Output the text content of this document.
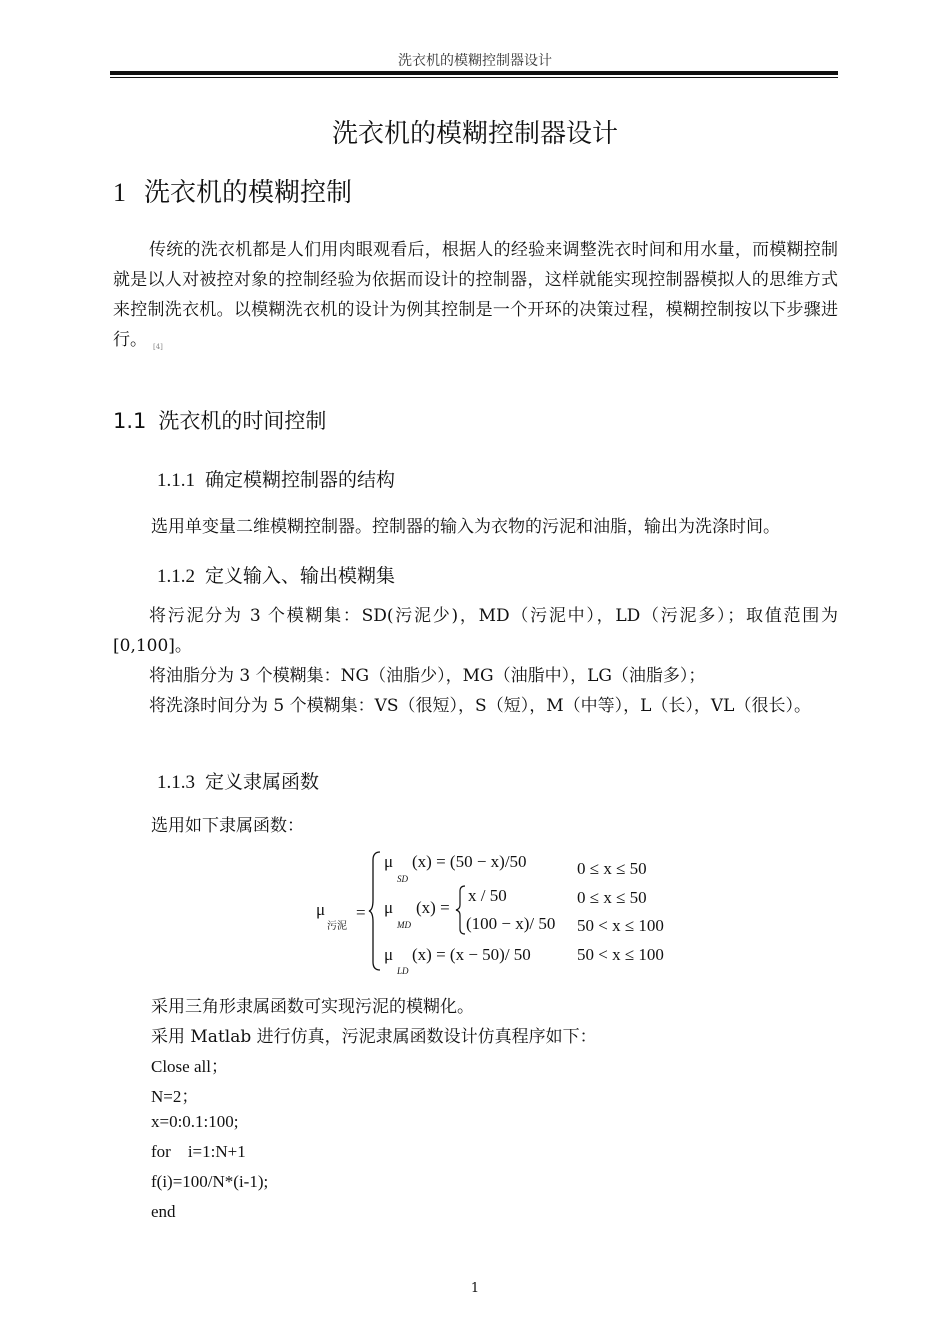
洗衣机的模糊控制器设计
洗衣机的模糊控制器设计
1 洗衣机的模糊控制

传统的洗衣机都是人们用肉眼观看后，根据人的经验来调整洗衣时间和用水量，而模糊控制就是以人对被控对象的控制经验为依据而设计的控制器，这样就能实现控制器模拟人的思维方式来控制洗衣机。以模糊洗衣机的设计为例其控制是一个开环的决策过程，模糊控制按以下步骤进行。 $_{[4]}$

1.1 洗衣机的时间控制
1.1.1 确定模糊控制器的结构
选用单变量二维模糊控制器。控制器的输入为衣物的污泥和油脂，输出为洗涤时间。
1.1.2 定义输入、输出模糊集

将污泥分为 3 个模糊集：SD(污泥少)，MD（污泥中），LD（污泥多）；取值范围为 [0,100]。

将油脂分为 3 个模糊集：NG（油脂少），MG（油脂中），LG（油脂多）；

将洗涤时间分为 5 个模糊集：VS（很短），S（短），M（中等），L（长），VL（很长）。

1.1.3 定义隶属函数
选用如下隶属函数：
μ
污泥
=
μ
SD
(x) = (50 − x)/50	0 ≤ x ≤ 50
μ
MD
(x) =
x / 50	0 ≤ x ≤ 50
(100 − x)/ 50 50 < x ≤ 100
μ
LD
(x) = (x − 50)/ 50	50 < x ≤ 100
采用三角形隶属函数可实现污泥的模糊化。
采用 Matlab 进行仿真，污泥隶属函数设计仿真程序如下：
Close all；
N=2；
x=0:0.1:100;
for    i=1:N+1
f(i)=100/N*(i-1);
end
1
